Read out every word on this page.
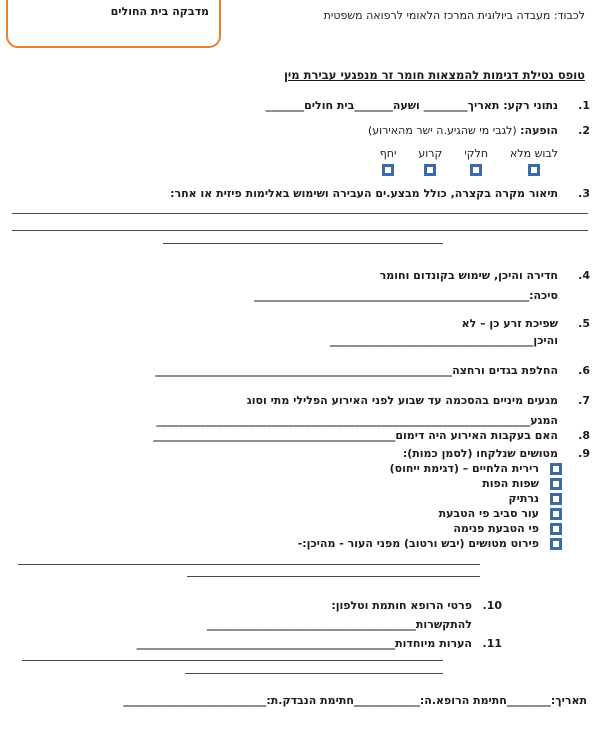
לכבוד: מעבדה ביולוגית המרכז הלאומי לרפואה משפטית
מדבקה בית החולים
טופס נטילת דגימות להמצאות חומר זר מנפגעי עבירת מין
1.
נתוני רקע: תאריך________ ושעה_______בית חולים_______
2.
הופעה: (לגבי מי שהגיע.ה ישר מהאירוע)
לבוש מלא
חלקי
קרוע
יחף
3.
תיאור מקרה בקצרה, כולל מבצע.ים העבירה ושימוש באלימות פיזית או אחר:
4.
חדירה והיכן, שימוש בקונדום וחומר
סיכה:__________________________________________________
5.
שפיכת זרע כן – לא
והיכן_____________________________________
6.
החלפת בגדים ורחצה______________________________________________________
7.
מגעים מיניים בהסכמה עד שבוע לפני האירוע הפלילי מתי וסוג
המגע____________________________________________________________________
8.
האם בעקבות האירוע היה דימום____________________________________________
9.
מטושים שנלקחו (לסמן כמות):
רירית הלחיים – (דגימת ייחוס)
שפות הפות
נרתיק
עור סביב פי הטבעת
פי הטבעת פנימה
פירוט מטושים (יבש ורטוב) מפני העור - מהיכן:-
10.
פרטי הרופא חותמת וטלפון:
להתקשרות______________________________________
11.
הערות מיוחדות_______________________________________________
תאריך:________חתימת הרופא.ה:____________חתימת הנבדק.ת:__________________________
